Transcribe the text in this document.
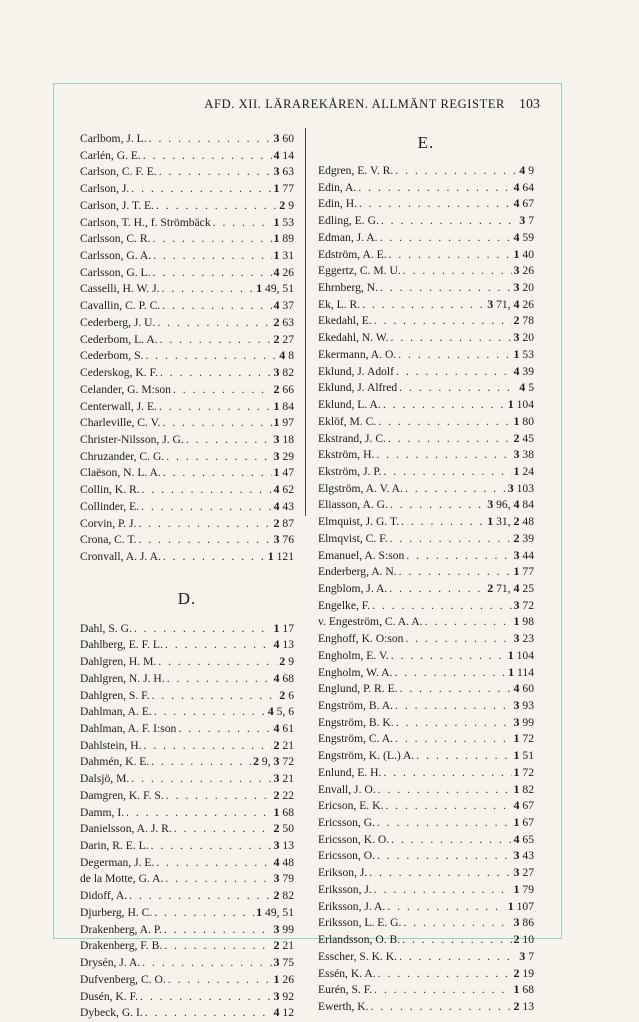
AFD. XII. LÄRAREKÅREN. ALLMÄNT REGISTER 103
Carlbom, J. L. . . .	3 60
Carlén, G. E. . . .	4 14
Carlson, C. F. E. . . .	3 63
Carlson, J. . . .	1 77
Carlson, J. T. E. . . .	2 9
Carlson, T. H., f. Strömbäck . . .	1 53
Carlsson, C. R. . . .	1 89
Carlsson, G. A. . . .	1 31
Carlsson, G. L. . . .	4 26
Casselli, H. W. J. . . .	1 49, 51
Cavallin, C. P. C. . . .	4 37
Cederberg, J. U. . . .	2 63
Cederbom, L. A. . . .	2 27
Cederbom, S. . . .	4 8
Cederskog, K. F. . . .	3 82
Celander, G. M:son . . .	2 66
Centerwall, J. E. . . .	1 84
Charleville, C. V. . . .	1 97
Christer-Nilsson, J. G. . . .	3 18
Chruzander, C. G. . . .	3 29
Claëson, N. L. A. . . .	1 47
Collin, K. R. . . .	4 62
Collinder, E. . . .	4 43
Corvin, P. J. . . .	2 87
Crona, C. T. . . .	3 76
Cronvall, A. J. A. . . .	1 121
D.
Dahl, S. G. . . .	1 17
Dahlberg, E. F. L. . . .	4 13
Dahlgren, H. M. . . .	2 9
Dahlgren, N. J. H. . . .	4 68
Dahlgren, S. F. . . .	2 6
Dahlman, A. E. . . .	4 5, 6
Dahlman, A. F. I:son . . .	4 61
Dahlstein, H. . . .	2 21
Dahmén, K. E. . . .	2 9, 3 72
Dalsjö, M. . . .	3 21
Damgren, K. F. S. . . .	2 22
Damm, I. . . .	1 68
Danielsson, A. J. R. . . .	2 50
Darin, R. E. L. . . .	3 13
Degerman, J. E. . . .	4 48
de la Motte, G. A. . . .	3 79
Didoff, A. . . .	2 82
Djurberg, H. C. . . .	1 49, 51
Drakenberg, A. P. . . .	3 99
Drakenberg, F. B. . . .	2 21
Drysén, J. A. . . .	3 75
Dufvenberg, C. O. . . .	1 26
Dusén, K. F. . . .	3 92
Dybeck, G. I. . . .	4 12
E.
Edgren, E. V. R. . . .	4 9
Edin, A. . . .	4 64
Edin, H. . . .	4 67
Edling, E. G. . . .	3 7
Edman, J. A. . . .	4 59
Edström, A. E. . . .	1 40
Eggertz, C. M. U. . . .	3 26
Ehrnberg, N. . . .	3 20
Ek, L. R. . . .	3 71, 4 26
Ekedahl, E. . . .	2 78
Ekedahl, N. W. . . .	3 20
Ekermann, A. O. . . .	1 53
Eklund, J. Adolf . . .	4 39
Eklund, J. Alfred . . .	4 5
Eklund, L. A. . . .	1 104
Eklöf, M. C. . . .	1 80
Ekstrand, J. C. . . .	2 45
Ekström, H. . . .	3 38
Ekström, J. P. . . .	1 24
Elgström, A. V. A. . . .	3 103
Eliasson, A. G. . . .	3 96, 4 84
Elmquist, J. G. T. . . .	1 31, 2 48
Elmqvist, C. F. . . .	2 39
Emanuel, A. S:son . . .	3 44
Enderberg, A. N. . . .	1 77
Engblom, J. A. . . .	2 71, 4 25
Engelke, F. . . .	3 72
v. Engeström, C. A. A. . . .	1 98
Enghoff, K. O:son . . .	3 23
Engholm, E. V. . . .	1 104
Engholm, W. A. . . .	1 114
Englund, P. R. E. . . .	4 60
Engström, B. A. . . .	3 93
Engström, B. K. . . .	3 99
Engström, C. A. . . .	1 72
Engström, K. (L.) A. . . .	1 51
Enlund, E. H. . . .	1 72
Envall, J. O. . . .	1 82
Ericson, E. K. . . .	4 67
Ericsson, G. . . .	1 67
Ericsson, K. O. . . .	4 65
Ericsson, O. . . .	3 43
Erikson, J. . . .	3 27
Eriksson, J. . . .	1 79
Eriksson, J. A. . . .	1 107
Eriksson, L. E. G. . . .	3 86
Erlandsson, O. B. . . .	2 10
Esscher, S. K. K. . . .	3 7
Essén, K. A. . . .	2 19
Eurén, S. F. . . .	1 68
Ewerth, K. . . .	2 13
